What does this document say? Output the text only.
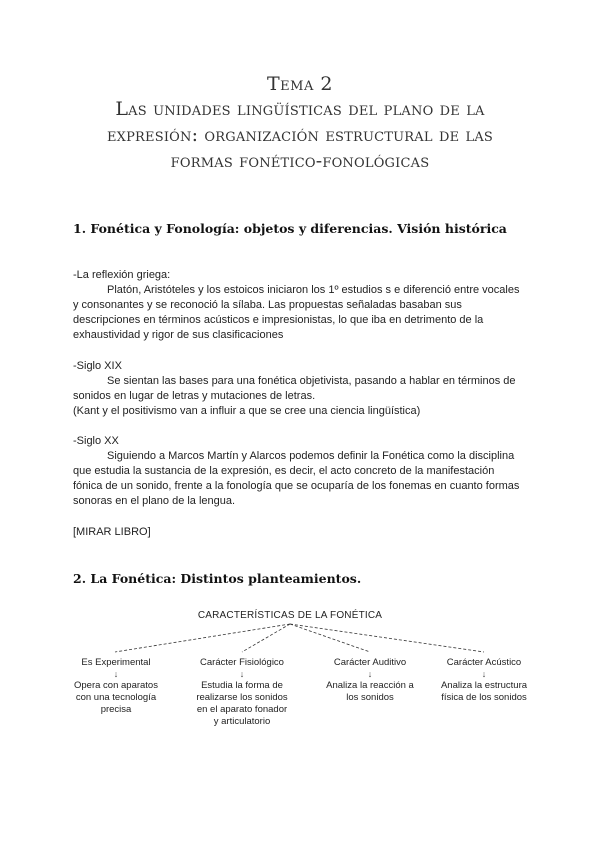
Tema 2
Las unidades lingüísticas del plano de la
expresión: organización estructural de las
formas fonético-fonológicas
1. Fonética y Fonología: objetos y diferencias. Visión histórica

-La reflexión griega:

Platón, Aristóteles y los estoicos iniciaron los 1º estudios s e diferenció entre vocales

y consonantes y se reconoció la sílaba. Las propuestas señaladas basaban sus

descripciones en términos acústicos e impresionistas, lo que iba en detrimento de la

exhaustividad y rigor de sus clasificaciones

-Siglo XIX

Se sientan las bases para una fonética objetivista, pasando a hablar en términos de

sonidos en lugar de letras y mutaciones de letras.

(Kant y el positivismo van a influir a que se cree una ciencia lingüística)

-Siglo XX

Siguiendo a Marcos Martín y Alarcos podemos definir la Fonética como la disciplina

que estudia la sustancia de la expresión, es decir, el acto concreto de la manifestación

fónica de un sonido, frente a la fonología que se ocuparía de los fonemas en cuanto formas

sonoras en el plano de la lengua.

[MIRAR LIBRO]
2. La Fonética: Distintos planteamientos.
CARACTERÍSTICAS DE LA FONÉTICA
Es Experimental
↓
Opera con aparatos
con una tecnología
precisa
Carácter Fisiológico
↓
Estudia la forma de
realizarse los sonidos
en el aparato fonador
y articulatorio
Carácter Auditivo
↓
Analiza la reacción a
los sonidos
Carácter Acústico
↓
Analiza la estructura
física de los sonidos
